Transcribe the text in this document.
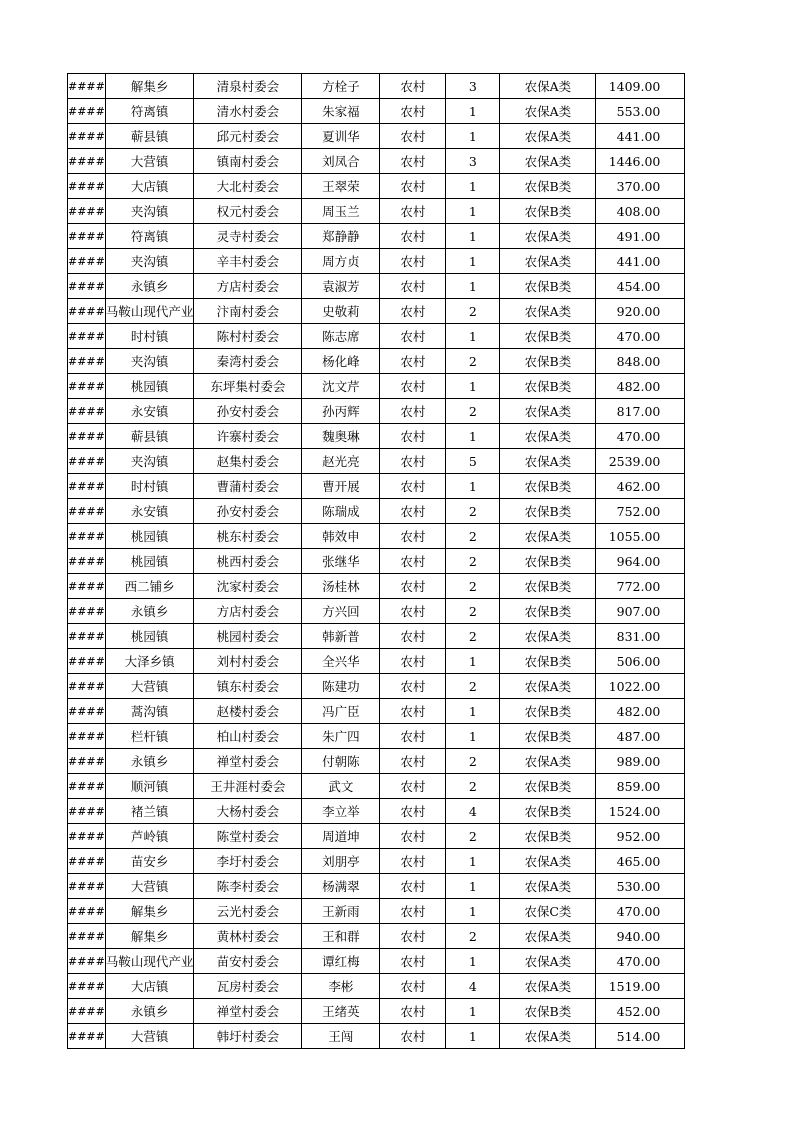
####	解集乡	清泉村委会	方栓子	农村	3	农保A类	1409.00
####	符离镇	清水村委会	朱家福	农村	1	农保A类	553.00
####	蕲县镇	邱元村委会	夏训华	农村	1	农保A类	441.00
####	大营镇	镇南村委会	刘凤合	农村	3	农保A类	1446.00
####	大店镇	大北村委会	王翠荣	农村	1	农保B类	370.00
####	夹沟镇	权元村委会	周玉兰	农村	1	农保B类	408.00
####	符离镇	灵寺村委会	郑静静	农村	1	农保A类	491.00
####	夹沟镇	辛丰村委会	周方贞	农村	1	农保A类	441.00
####	永镇乡	方店村委会	袁淑芳	农村	1	农保B类	454.00
####	马鞍山现代产业	汴南村委会	史敬莉	农村	2	农保A类	920.00
####	时村镇	陈村村委会	陈志席	农村	1	农保B类	470.00
####	夹沟镇	秦湾村委会	杨化峰	农村	2	农保B类	848.00
####	桃园镇	东坪集村委会	沈文芹	农村	1	农保B类	482.00
####	永安镇	孙安村委会	孙丙辉	农村	2	农保A类	817.00
####	蕲县镇	许寨村委会	魏奥琳	农村	1	农保A类	470.00
####	夹沟镇	赵集村委会	赵光亮	农村	5	农保A类	2539.00
####	时村镇	曹蒲村委会	曹开展	农村	1	农保B类	462.00
####	永安镇	孙安村委会	陈瑞成	农村	2	农保B类	752.00
####	桃园镇	桃东村委会	韩效申	农村	2	农保A类	1055.00
####	桃园镇	桃西村委会	张继华	农村	2	农保B类	964.00
####	西二铺乡	沈家村委会	汤桂林	农村	2	农保B类	772.00
####	永镇乡	方店村委会	方兴回	农村	2	农保B类	907.00
####	桃园镇	桃园村委会	韩新普	农村	2	农保A类	831.00
####	大泽乡镇	刘村村委会	全兴华	农村	1	农保B类	506.00
####	大营镇	镇东村委会	陈建功	农村	2	农保A类	1022.00
####	蒿沟镇	赵楼村委会	冯广臣	农村	1	农保B类	482.00
####	栏杆镇	柏山村委会	朱广四	农村	1	农保B类	487.00
####	永镇乡	禅堂村委会	付朝陈	农村	2	农保A类	989.00
####	顺河镇	王井涯村委会	武文	农村	2	农保B类	859.00
####	褚兰镇	大杨村委会	李立举	农村	4	农保B类	1524.00
####	芦岭镇	陈堂村委会	周道坤	农村	2	农保B类	952.00
####	苗安乡	李圩村委会	刘朋亭	农村	1	农保A类	465.00
####	大营镇	陈李村委会	杨满翠	农村	1	农保A类	530.00
####	解集乡	云光村委会	王新雨	农村	1	农保C类	470.00
####	解集乡	黄林村委会	王和群	农村	2	农保A类	940.00
####	马鞍山现代产业	苗安村委会	谭红梅	农村	1	农保A类	470.00
####	大店镇	瓦房村委会	李彬	农村	4	农保A类	1519.00
####	永镇乡	禅堂村委会	王绪英	农村	1	农保B类	452.00
####	大营镇	韩圩村委会	王闯	农村	1	农保A类	514.00
